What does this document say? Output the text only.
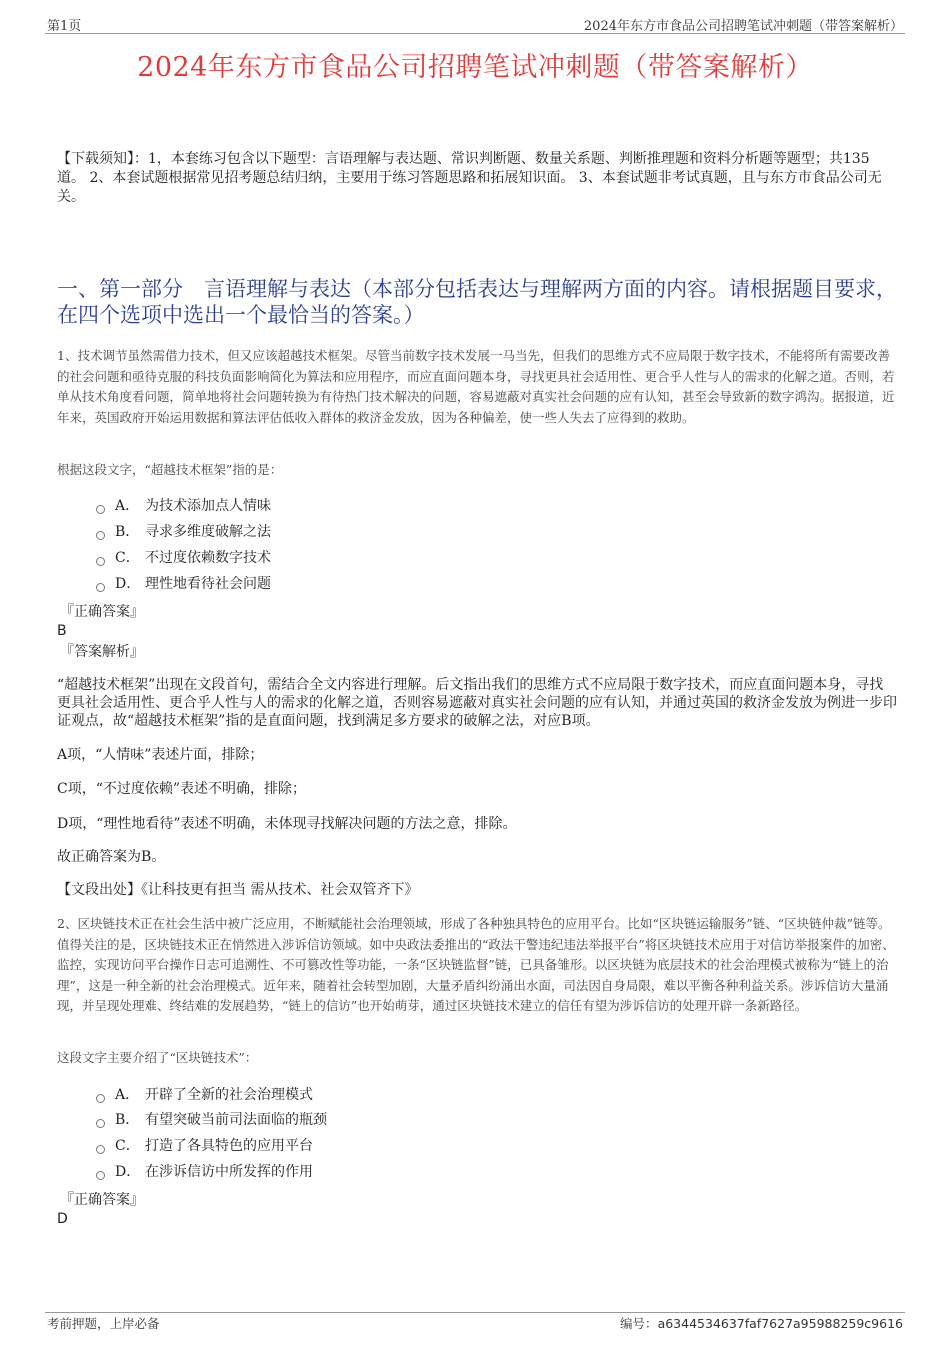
第1页	2024年东方市食品公司招聘笔试冲刺题（带答案解析）
2024年东方市食品公司招聘笔试冲刺题（带答案解析）
【下载须知】：1，本套练习包含以下题型：言语理解与表达题、常识判断题、数量关系题、判断推理题和资料分析题等题型；共135道。 2、本套试题根据常见招考题总结归纳，主要用于练习答题思路和拓展知识面。 3、本套试题非考试真题，且与东方市食品公司无关。
一、第一部分　言语理解与表达（本部分包括表达与理解两方面的内容。请根据题目要求，在四个选项中选出一个最恰当的答案。）
1、技术调节虽然需借力技术，但又应该超越技术框架。尽管当前数字技术发展一马当先，但我们的思维方式不应局限于数字技术，不能将所有需要改善的社会问题和亟待克服的科技负面影响简化为算法和应用程序，而应直面问题本身，寻找更具社会适用性、更合乎人性与人的需求的化解之道。否则，若单从技术角度看问题，简单地将社会问题转换为有待热门技术解决的问题，容易遮蔽对真实社会问题的应有认知，甚至会导致新的数字鸿沟。据报道，近年来，英国政府开始运用数据和算法评估低收入群体的救济金发放，因为各种偏差，使一些人失去了应得到的救助。
根据这段文字，“超越技术框架”指的是：
A． 为技术添加点人情味
B． 寻求多维度破解之法
C． 不过度依赖数字技术
D． 理性地看待社会问题
『正确答案』
B
『答案解析』
“超越技术框架”出现在文段首句，需结合全文内容进行理解。后文指出我们的思维方式不应局限于数字技术，而应直面问题本身，寻找更具社会适用性、更合乎人性与人的需求的化解之道，否则容易遮蔽对真实社会问题的应有认知，并通过英国的救济金发放为例进一步印证观点，故“超越技术框架”指的是直面问题，找到满足多方要求的破解之法，对应B项。
A项，“人情味”表述片面，排除；
C项，“不过度依赖”表述不明确，排除；
D项，“理性地看待”表述不明确，未体现寻找解决问题的方法之意，排除。
故正确答案为B。
【文段出处】《让科技更有担当 需从技术、社会双管齐下》
2、区块链技术正在社会生活中被广泛应用，不断赋能社会治理领域，形成了各种独具特色的应用平台。比如“区块链运输服务”链、“区块链仲裁”链等。值得关注的是，区块链技术正在悄然进入涉诉信访领域。如中央政法委推出的“政法干警违纪违法举报平台”将区块链技术应用于对信访举报案件的加密、监控，实现访问平台操作日志可追溯性、不可篡改性等功能，一条“区块链监督”链，已具备雏形。以区块链为底层技术的社会治理模式被称为“链上的治理”，这是一种全新的社会治理模式。近年来，随着社会转型加剧，大量矛盾纠纷涌出水面，司法因自身局限，难以平衡各种利益关系。涉诉信访大量涌现，并呈现处理难、终结难的发展趋势，“链上的信访”也开始萌芽，通过区块链技术建立的信任有望为涉诉信访的处理开辟一条新路径。
这段文字主要介绍了“区块链技术”：
A． 开辟了全新的社会治理模式
B． 有望突破当前司法面临的瓶颈
C． 打造了各具特色的应用平台
D． 在涉诉信访中所发挥的作用
『正确答案』
D
考前押题，上岸必备	编号：a6344534637faf7627a95988259c9616
